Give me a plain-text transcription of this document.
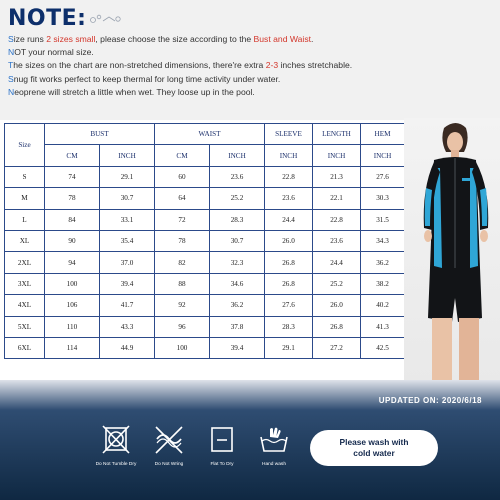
NOTE:

Size runs 2 sizes small, please choose the size according to the Bust and Waist.

NOT your normal size.

The sizes on the chart are non-stretched dimensions, there're extra 2-3 inches stretchable.

Snug fit works perfect to keep thermal for long time activity under water.

Neoprene will stretch a little when wet. They loose up in the pool.

Size	BUST		WAIST		SLEEVE	LENGTH	HEM
	CM	INCH	CM	INCH	INCH	INCH	INCH
S	74	29.1	60	23.6	22.8	21.3	27.6
M	78	30.7	64	25.2	23.6	22.1	30.3
L	84	33.1	72	28.3	24.4	22.8	31.5
XL	90	35.4	78	30.7	26.0	23.6	34.3
2XL	94	37.0	82	32.3	26.8	24.4	36.2
3XL	100	39.4	88	34.6	26.8	25.2	38.2
4XL	106	41.7	92	36.2	27.6	26.0	40.2
5XL	110	43.3	96	37.8	28.3	26.8	41.3
6XL	114	44.9	100	39.4	29.1	27.2	42.5
UPDATED ON: 2020/6/18
Do Not Tumble Dry	Do Not Wring	Flat To Dry	Hand wash
Please wash with
cold water
